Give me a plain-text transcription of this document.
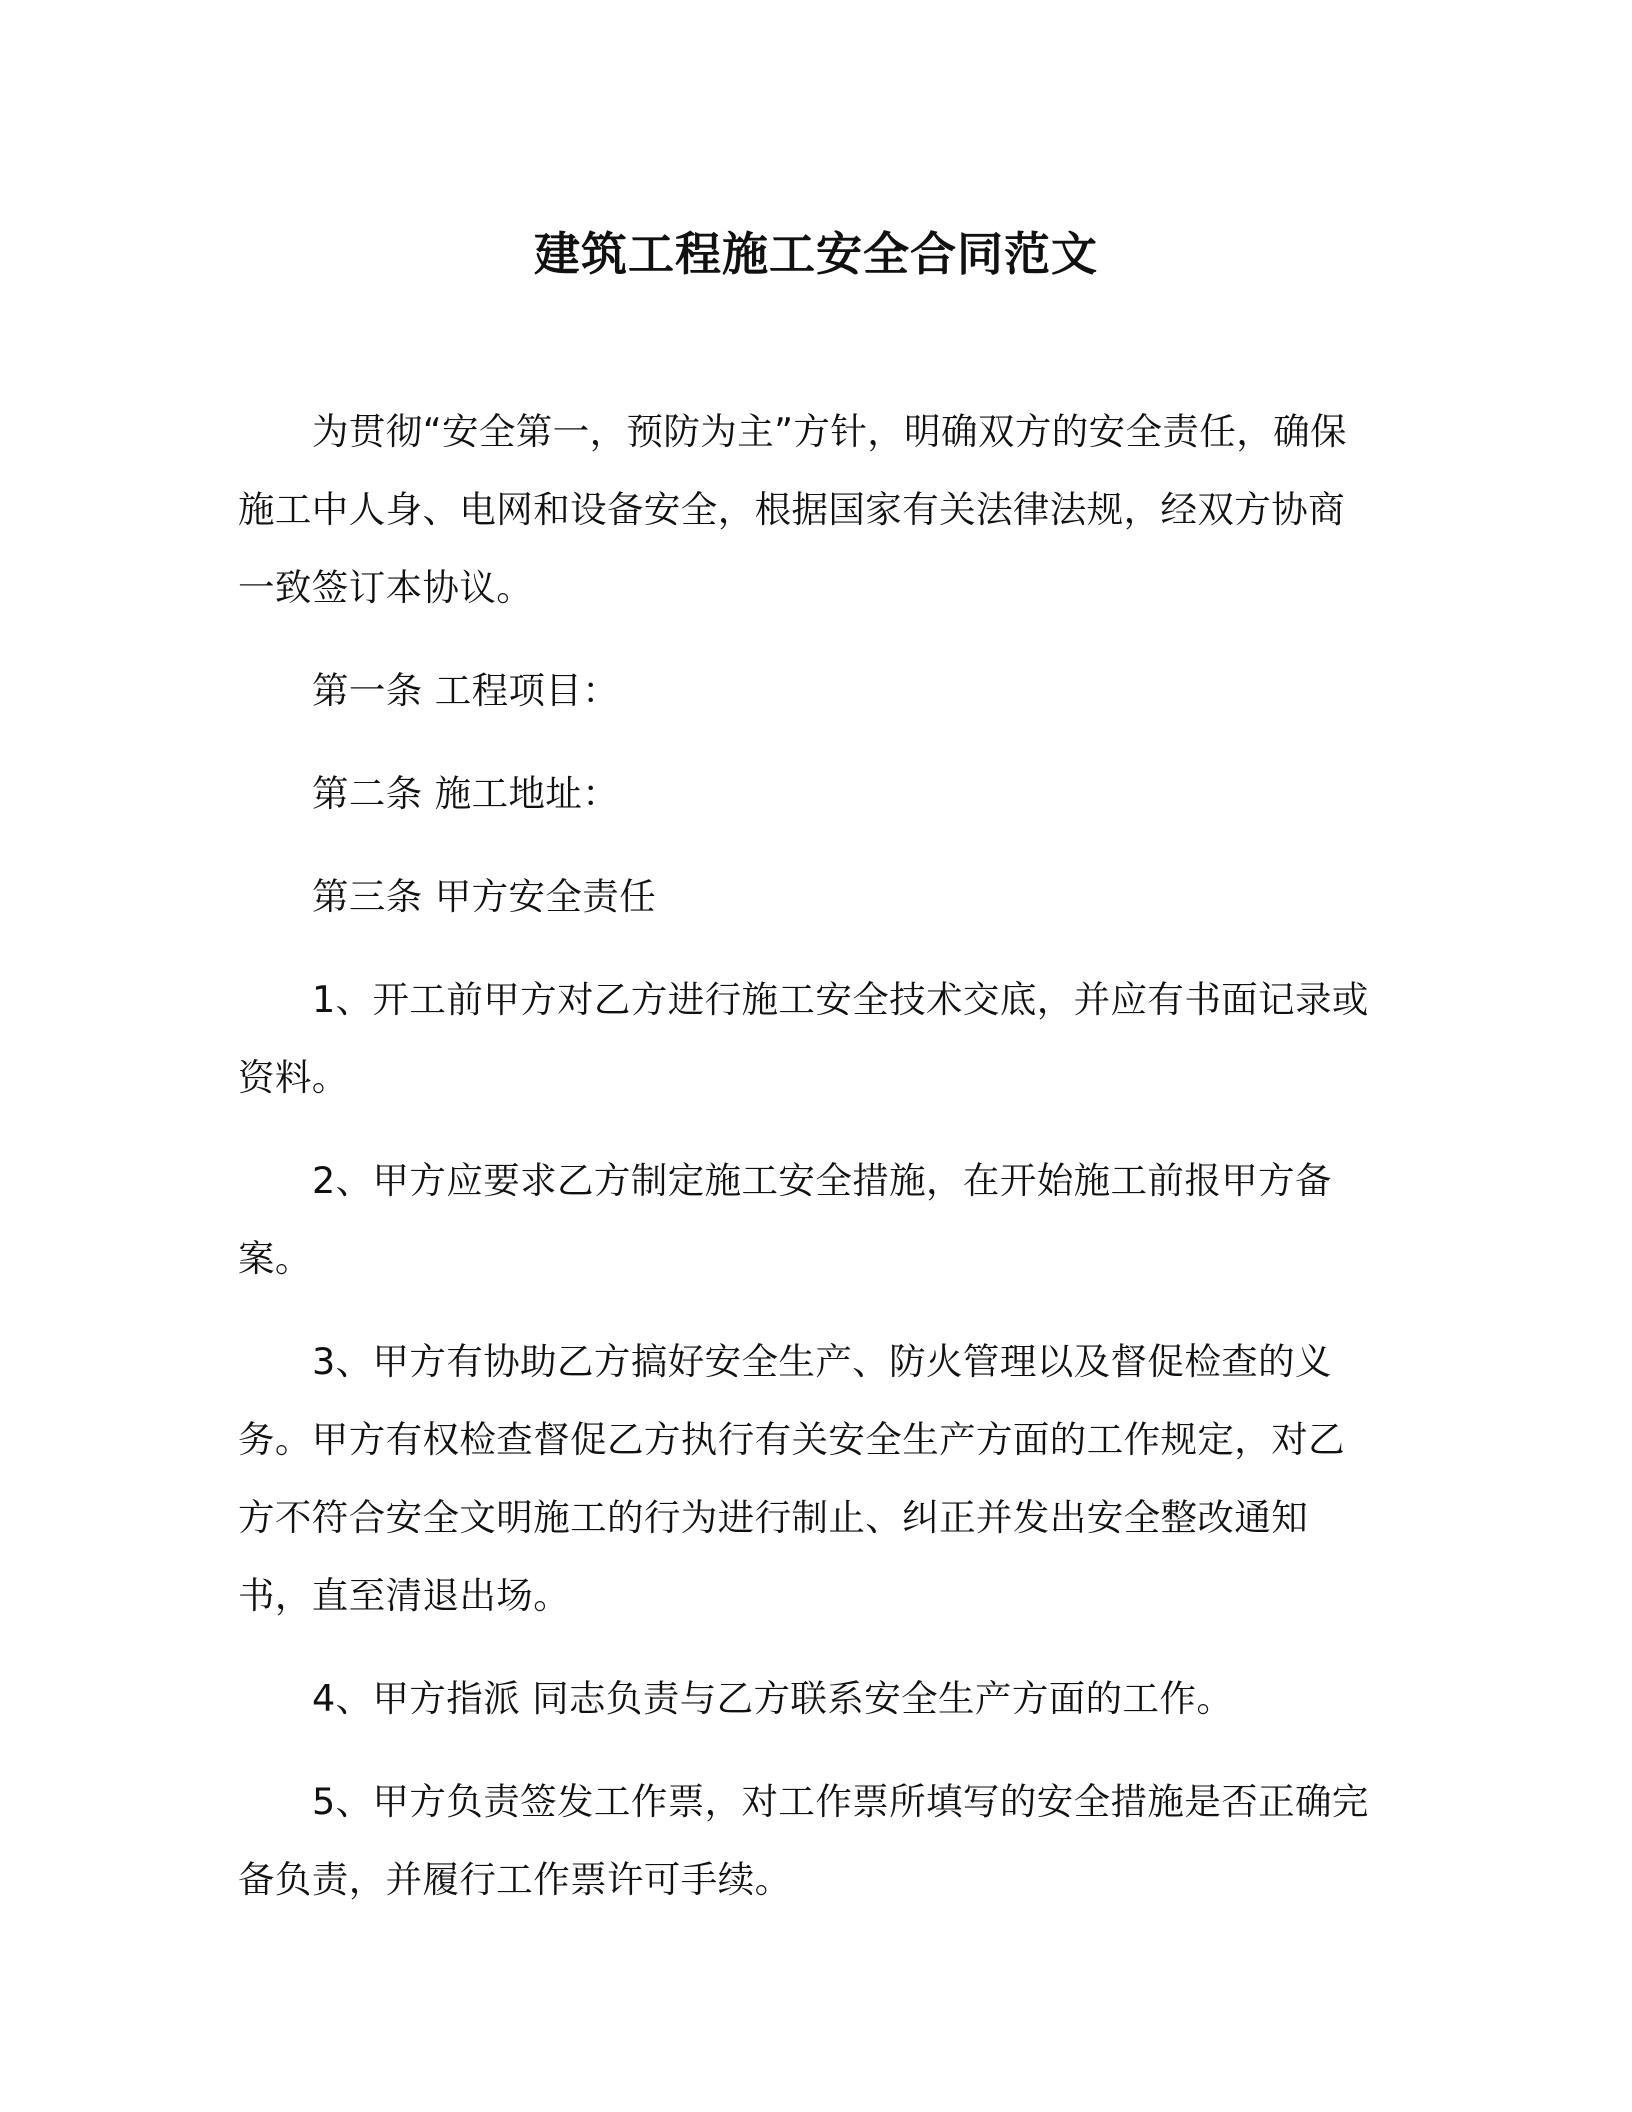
建筑工程施工安全合同范文

为贯彻“安全第一，预防为主”方针，明确双方的安全责任，确保施工中人身、电网和设备安全，根据国家有关法律法规，经双方协商一致签订本协议。

第一条 工程项目：

第二条 施工地址：

第三条 甲方安全责任

1、开工前甲方对乙方进行施工安全技术交底，并应有书面记录或资料。

2、甲方应要求乙方制定施工安全措施，在开始施工前报甲方备案。

3、甲方有协助乙方搞好安全生产、防火管理以及督促检查的义务。甲方有权检查督促乙方执行有关安全生产方面的工作规定，对乙方不符合安全文明施工的行为进行制止、纠正并发出安全整改通知书，直至清退出场。

4、甲方指派 同志负责与乙方联系安全生产方面的工作。

5、甲方负责签发工作票，对工作票所填写的安全措施是否正确完备负责，并履行工作票许可手续。
